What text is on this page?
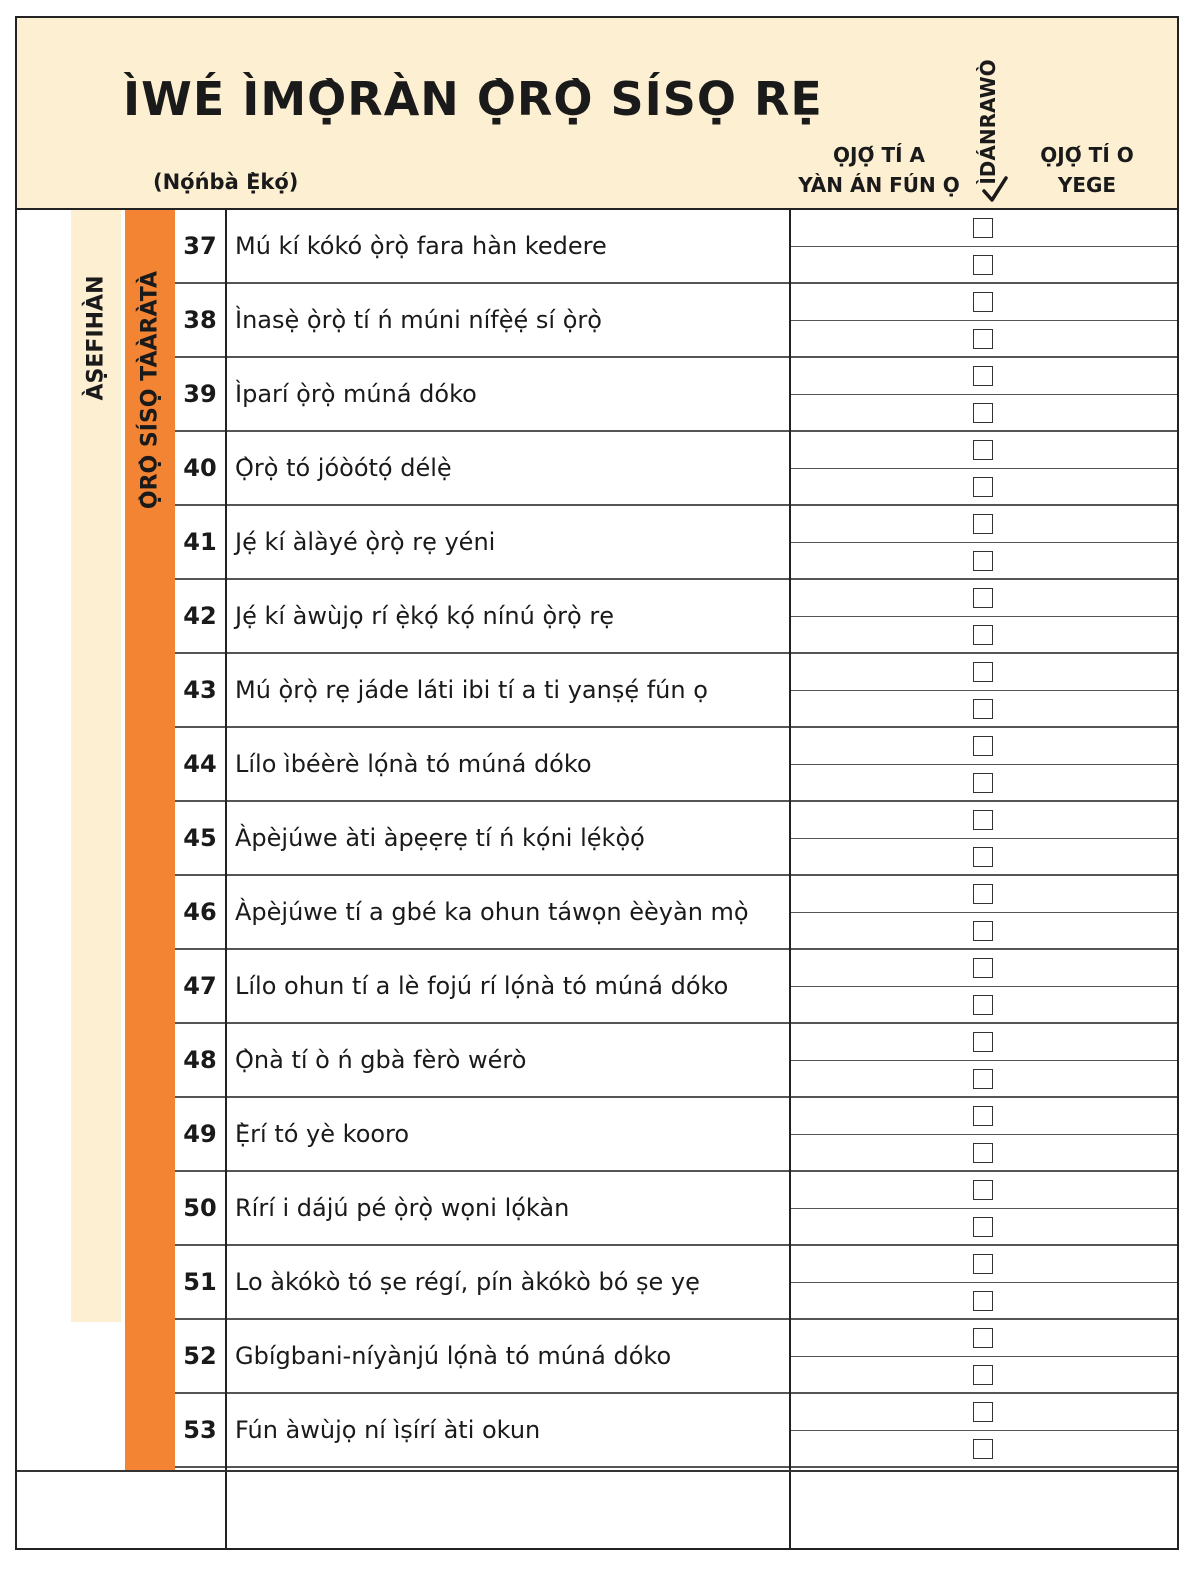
ÌWÉ ÌMỌ̀RÀN Ọ̀RỌ̀ SÍSỌ RẸ
(Nọ́ńbà Ẹ̀kọ́)
ỌJỌ́ TÍ A
YÀN ÁN FÚN Ọ
ÌDÁNRAWÒ	ỌJỌ́ TÍ O
YEGE
ÀṢEFIHÀN Ọ̀RỌ̀ SÍSỌ TÀÀRÀTÀ
37 Mú kí kókó ọ̀rọ̀ fara hàn kedere
38 Ìnasẹ̀ ọ̀rọ̀ tí ń múni nífẹ̀ẹ́ sí ọ̀rọ̀
39 Ìparí ọ̀rọ̀ múná dóko
40 Ọ̀rọ̀ tó jóòótọ́ délẹ̀
41 Jẹ́ kí àlàyé ọ̀rọ̀ rẹ yéni
42 Jẹ́ kí àwùjọ rí ẹ̀kọ́ kọ́ nínú ọ̀rọ̀ rẹ
43 Mú ọ̀rọ̀ rẹ jáde láti ibi tí a ti yanṣẹ́ fún ọ
44 Lílo ìbéèrè lọ́nà tó múná dóko
45 Àpèjúwe àti àpẹẹrẹ tí ń kọ́ni lẹ́kọ̀ọ́
46 Àpèjúwe tí a gbé ka ohun táwọn èèyàn mọ̀
47 Lílo ohun tí a lè fojú rí lọ́nà tó múná dóko
48 Ọ̀nà tí ò ń gbà fèrò wérò
49 Ẹ̀rí tó yè kooro
50 Rírí i dájú pé ọ̀rọ̀ wọni lọ́kàn
51 Lo àkókò tó ṣe régí, pín àkókò bó ṣe yẹ
52 Gbígbani-níyànjú lọ́nà tó múná dóko
53 Fún àwùjọ ní ìṣírí àti okun
